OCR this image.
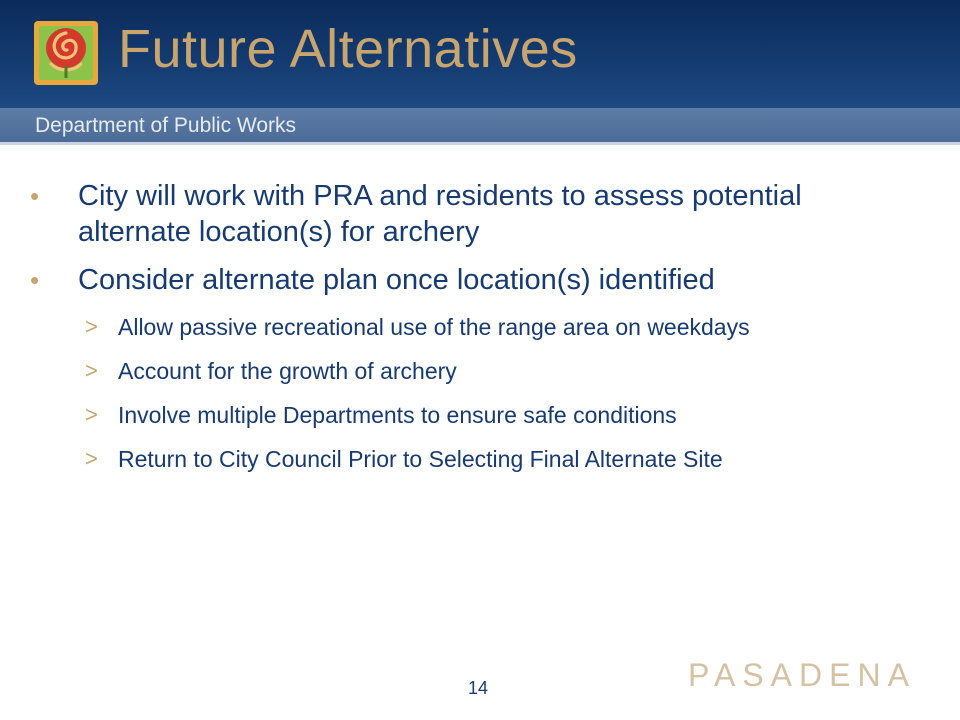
Future Alternatives
Department of Public Works
• City will work with PRA and residents to assess potential alternate location(s) for archery
• Consider alternate plan once location(s) identified
> Allow passive recreational use of the range area on weekdays
> Account for the growth of archery
> Involve multiple Departments to ensure safe conditions
> Return to City Council Prior to Selecting Final Alternate Site
14	PASADENA
